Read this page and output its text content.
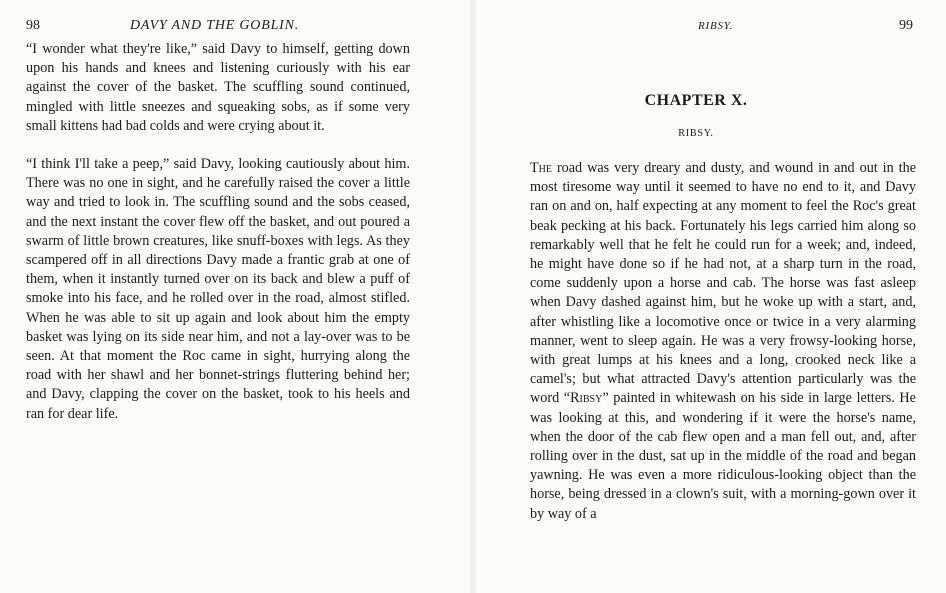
98	DAVY AND THE GOBLIN.

“I wonder what they're like,” said Davy to himself, getting down upon his hands and knees and listening curiously with his ear against the cover of the basket. The scuffling sound continued, mingled with little sneezes and squeaking sobs, as if some very small kittens had bad colds and were crying about it.

“I think I'll take a peep,” said Davy, looking cautiously about him. There was no one in sight, and he carefully raised the cover a little way and tried to look in. The scuffling sound and the sobs ceased, and the next instant the cover flew off the basket, and out poured a swarm of little brown creatures, like snuff-boxes with legs. As they scampered off in all directions Davy made a frantic grab at one of them, when it instantly turned over on its back and blew a puff of smoke into his face, and he rolled over in the road, almost stifled. When he was able to sit up again and look about him the empty basket was lying on its side near him, and not a lay-over was to be seen. At that moment the Roc came in sight, hurrying along the road with her shawl and her bonnet-strings fluttering behind her; and Davy, clapping the cover on the basket, took to his heels and ran for dear life.

RIBSY.	99
CHAPTER X.
RIBSY.

The road was very dreary and dusty, and wound in and out in the most tiresome way until it seemed to have no end to it, and Davy ran on and on, half expecting at any moment to feel the Roc's great beak pecking at his back. Fortunately his legs carried him along so remarkably well that he felt he could run for a week; and, indeed, he might have done so if he had not, at a sharp turn in the road, come suddenly upon a horse and cab. The horse was fast asleep when Davy dashed against him, but he woke up with a start, and, after whistling like a locomotive once or twice in a very alarming manner, went to sleep again. He was a very frowsy-looking horse, with great lumps at his knees and a long, crooked neck like a camel's; but what attracted Davy's attention particularly was the word “Ribsy” painted in whitewash on his side in large letters. He was looking at this, and wondering if it were the horse's name, when the door of the cab flew open and a man fell out, and, after rolling over in the dust, sat up in the middle of the road and began yawning. He was even a more ridiculous-looking object than the horse, being dressed in a clown's suit, with a morning-gown over it by way of a
